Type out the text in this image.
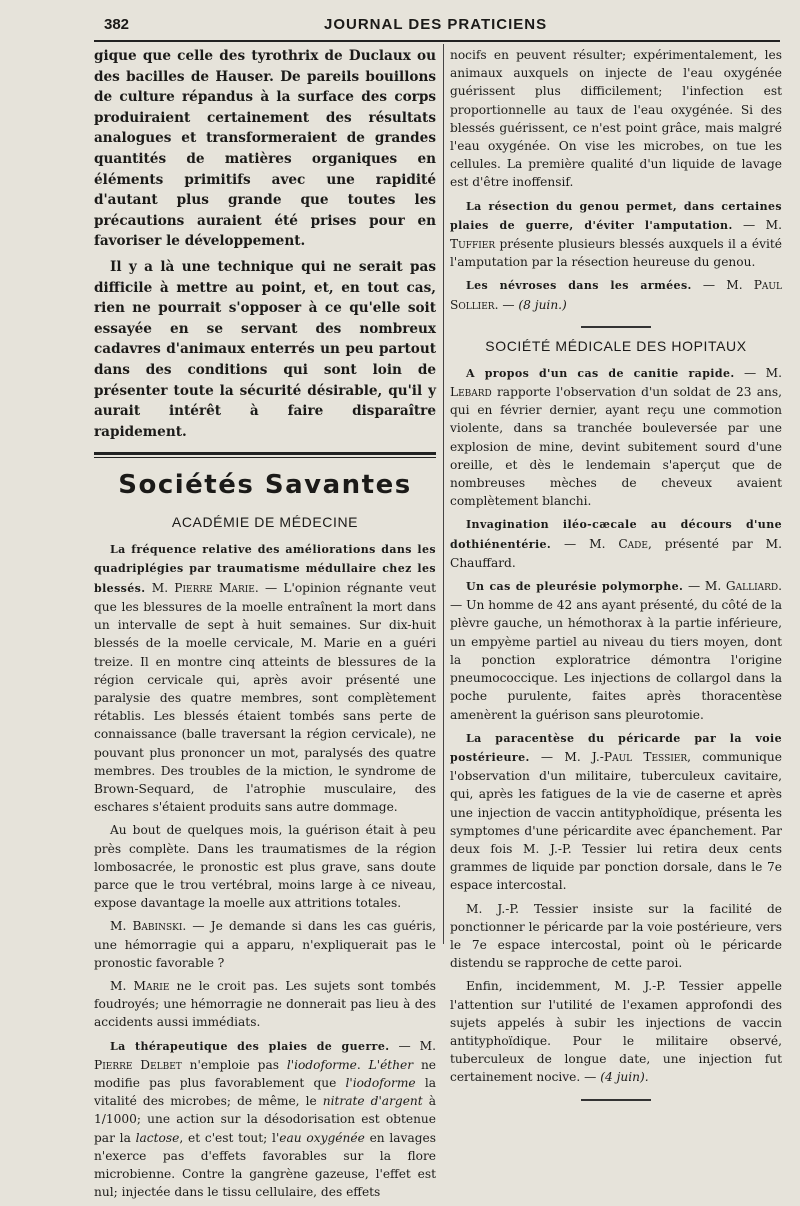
382	JOURNAL DES PRATICIENS

gique que celle des tyrothrix de Duclaux ou des bacilles de Hauser. De pareils bouillons de culture répandus à la surface des corps produiraient certainement des résultats analogues et transformeraient de grandes quantités de matières organiques en éléments primitifs avec une rapidité d'autant plus grande que toutes les précautions auraient été prises pour en favoriser le développement.

Il y a là une technique qui ne serait pas difficile à mettre au point, et, en tout cas, rien ne pourrait s'opposer à ce qu'elle soit essayée en se servant des nombreux cadavres d'animaux enterrés un peu partout dans des conditions qui sont loin de présenter toute la sécurité désirable, qu'il y aurait intérêt à faire disparaître rapidement.

Sociétés Savantes
ACADÉMIE DE MÉDECINE

La fréquence relative des améliorations dans les quadriplégies par traumatisme médullaire chez les blessés. M. Pierre Marie. — L'opinion régnante veut que les blessures de la moelle entraînent la mort dans un intervalle de sept à huit semaines. Sur dix-huit blessés de la moelle cervicale, M. Marie en a guéri treize. Il en montre cinq atteints de blessures de la région cervicale qui, après avoir présenté une paralysie des quatre membres, sont complètement rétablis. Les blessés étaient tombés sans perte de connaissance (balle traversant la région cervicale), ne pouvant plus prononcer un mot, paralysés des quatre membres. Des troubles de la miction, le syndrome de Brown-Sequard, de l'atrophie musculaire, des eschares s'étaient produits sans autre dommage.

Au bout de quelques mois, la guérison était à peu près complète. Dans les traumatismes de la région lombosacrée, le pronostic est plus grave, sans doute parce que le trou vertébral, moins large à ce niveau, expose davantage la moelle aux attritions totales.

M. Babinski. — Je demande si dans les cas guéris, une hémorragie qui a apparu, n'expliquerait pas le pronostic favorable ?

M. Marie ne le croit pas. Les sujets sont tombés foudroyés; une hémorragie ne donnerait pas lieu à des accidents aussi immédiats.

La thérapeutique des plaies de guerre. — M. Pierre Delbet n'emploie pas l'iodoforme. L'éther ne modifie pas plus favorablement que l'iodoforme la vitalité des microbes; de même, le nitrate d'argent à 1/1000; une action sur la désodorisation est obtenue par la lactose, et c'est tout; l'eau oxygénée en lavages n'exerce pas d'effets favorables sur la flore microbienne. Contre la gangrène gazeuse, l'effet est nul; injectée dans le tissu cellulaire, des effets

nocifs en peuvent résulter; expérimentalement, les animaux auxquels on injecte de l'eau oxygénée guérissent plus difficilement; l'infection est proportionnelle au taux de l'eau oxygénée. Si des blessés guérissent, ce n'est point grâce, mais malgré l'eau oxygénée. On vise les microbes, on tue les cellules. La première qualité d'un liquide de lavage est d'être inoffensif.

La résection du genou permet, dans certaines plaies de guerre, d'éviter l'amputation. — M. Tuffier présente plusieurs blessés auxquels il a évité l'amputation par la résection heureuse du genou.

Les névroses dans les armées. — M. Paul Sollier. — (8 juin.)

SOCIÉTÉ MÉDICALE DES HOPITAUX

A propos d'un cas de canitie rapide. — M. Lebard rapporte l'observation d'un soldat de 23 ans, qui en février dernier, ayant reçu une commotion violente, dans sa tranchée bouleversée par une explosion de mine, devint subitement sourd d'une oreille, et dès le lendemain s'aperçut que de nombreuses mèches de cheveux avaient complètement blanchi.

Invagination iléo-cæcale au décours d'une dothiénentérie. — M. Cade, présenté par M. Chauffard.

Un cas de pleurésie polymorphe. — M. Galliard. — Un homme de 42 ans ayant présenté, du côté de la plèvre gauche, un hémothorax à la partie inférieure, un empyème partiel au niveau du tiers moyen, dont la ponction exploratrice démontra l'origine pneumococcique. Les injections de collargol dans la poche purulente, faites après thoracentèse amenèrent la guérison sans pleurotomie.

La paracentèse du péricarde par la voie postérieure. — M. J.-Paul Tessier, communique l'observation d'un militaire, tuberculeux cavitaire, qui, après les fatigues de la vie de caserne et après une injection de vaccin antityphoïdique, présenta les symptomes d'une péricardite avec épanchement. Par deux fois M. J.-P. Tessier lui retira deux cents grammes de liquide par ponction dorsale, dans le 7e espace intercostal.

M. J.-P. Tessier insiste sur la facilité de ponctionner le péricarde par la voie postérieure, vers le 7e espace intercostal, point où le péricarde distendu se rapproche de cette paroi.

Enfin, incidemment, M. J.-P. Tessier appelle l'attention sur l'utilité de l'examen approfondi des sujets appelés à subir les injections de vaccin antityphoïdique. Pour le militaire observé, tuberculeux de longue date, une injection fut certainement nocive. — (4 juin).
